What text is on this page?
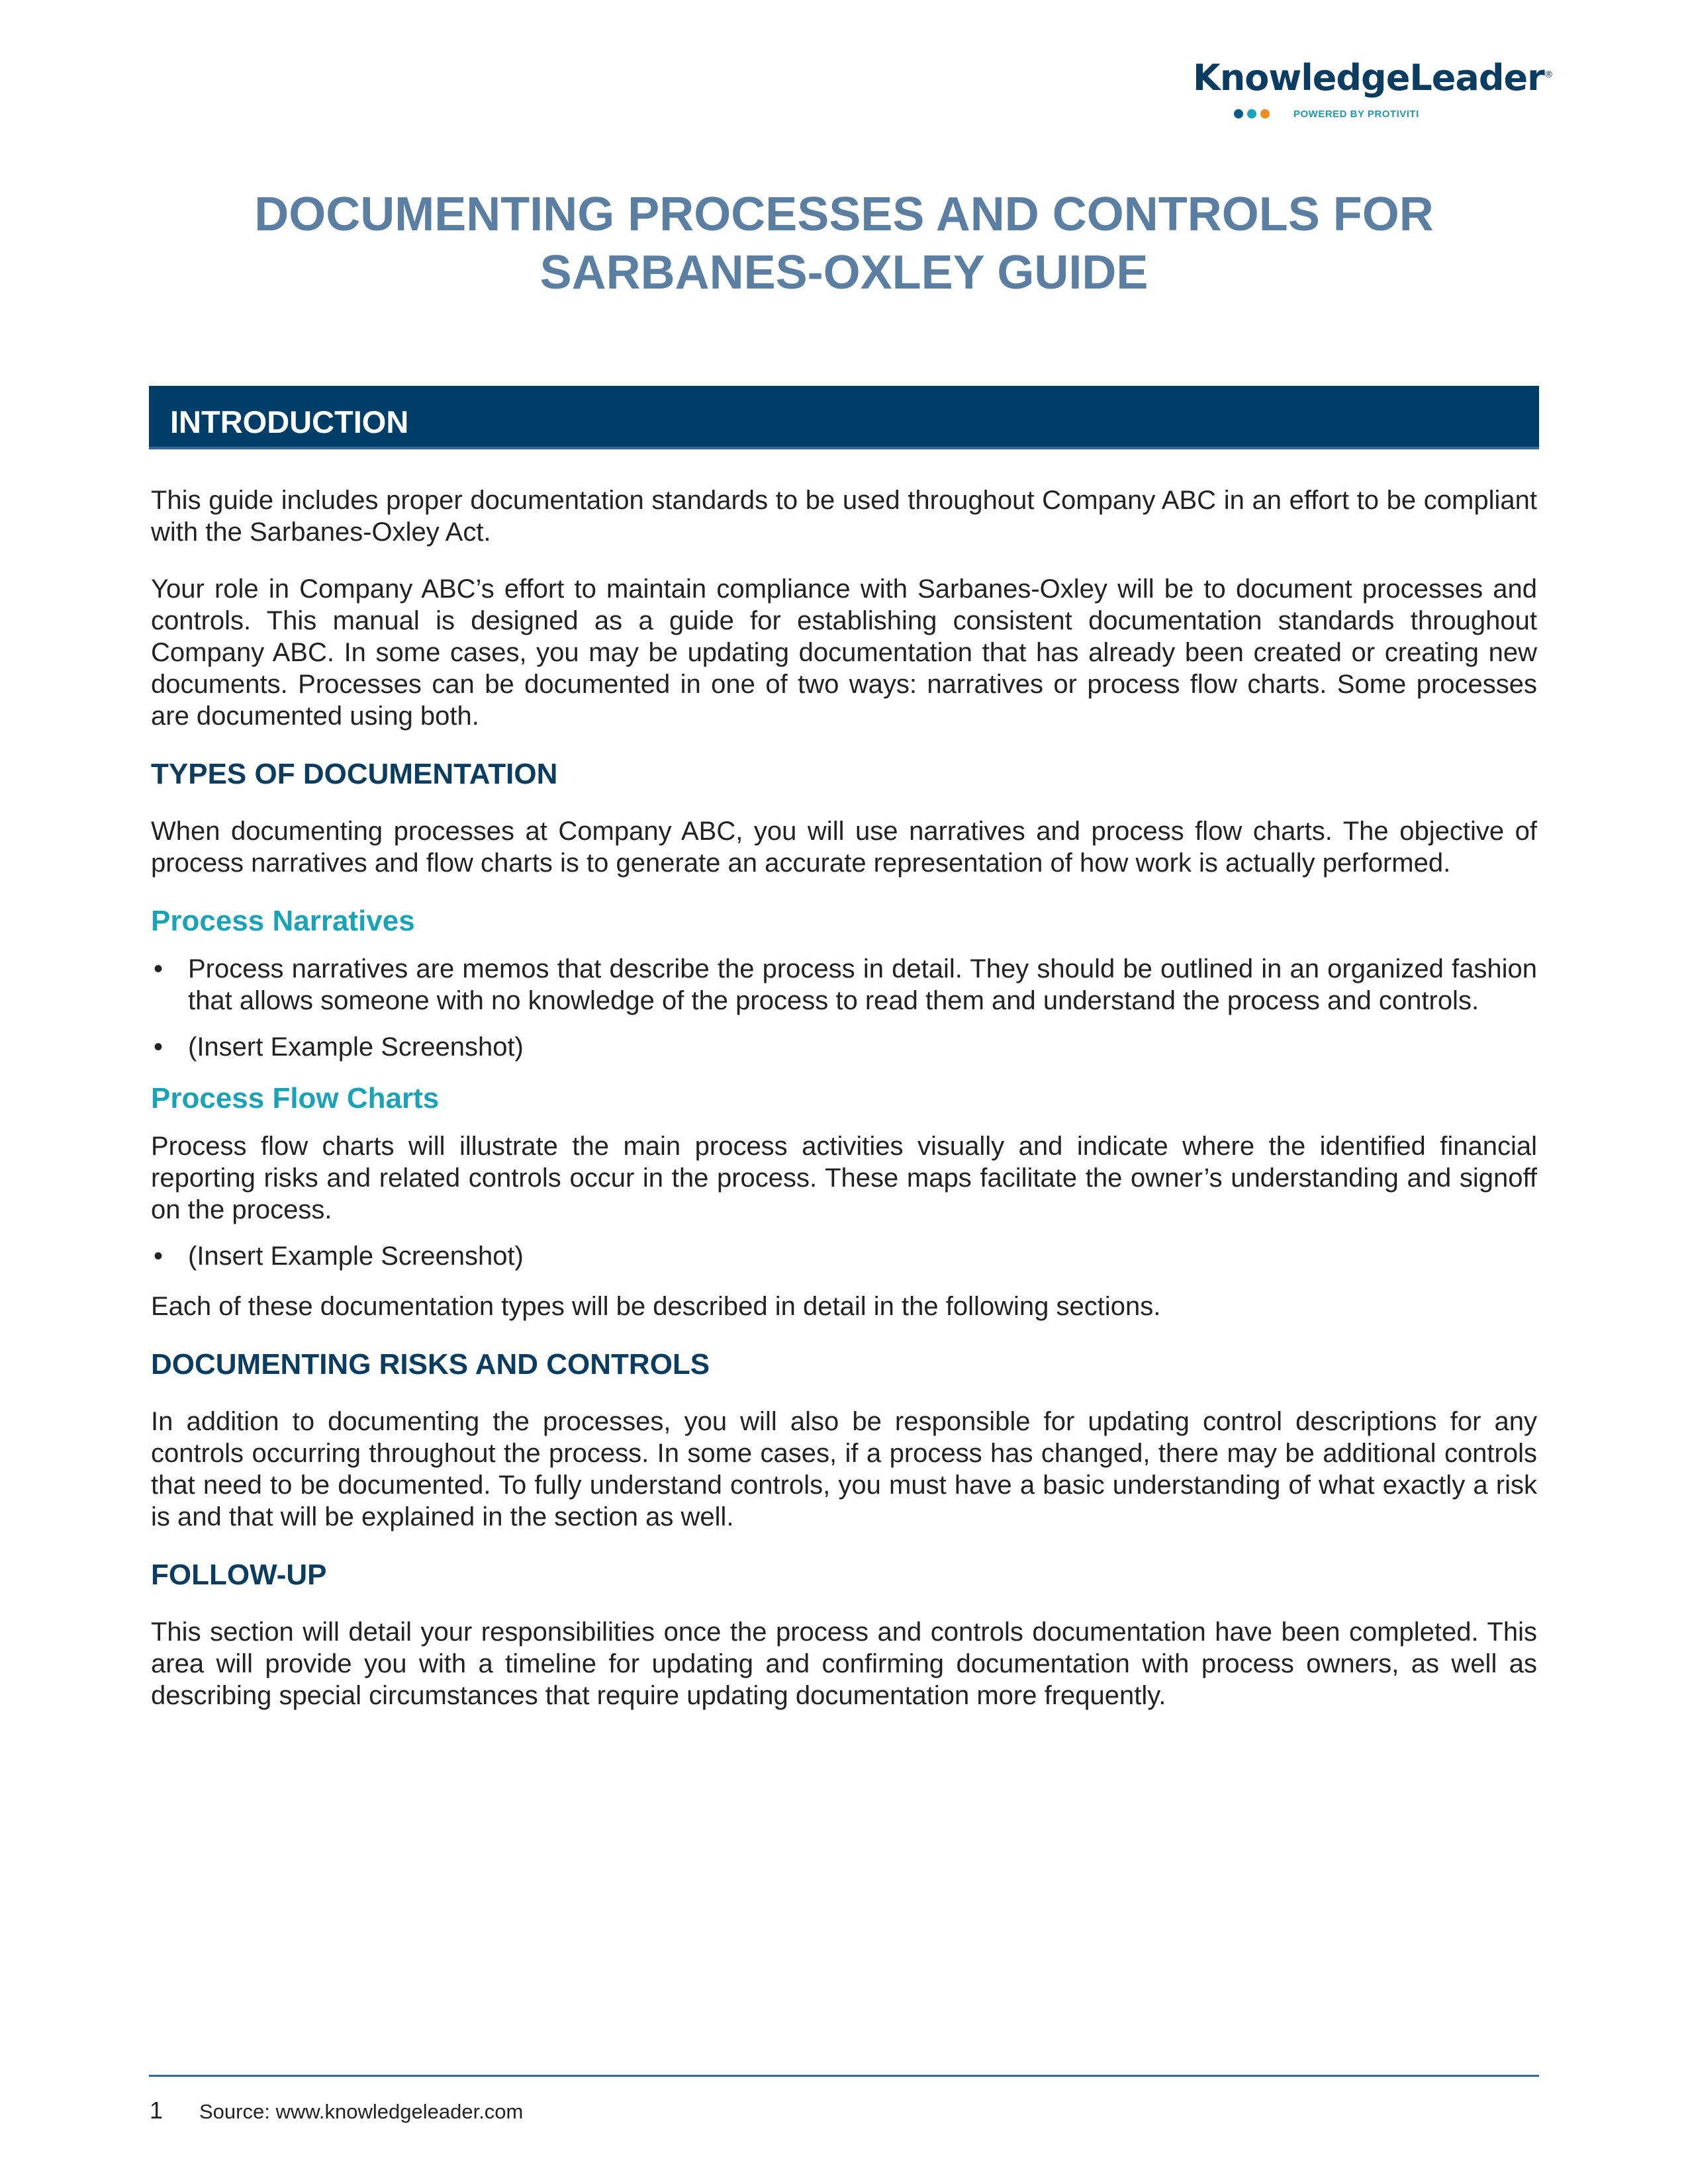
KnowledgeLeader®
POWERED BY PROTIVITI
DOCUMENTING PROCESSES AND CONTROLS FOR
SARBANES-OXLEY GUIDE
INTRODUCTION

This guide includes proper documentation standards to be used throughout Company ABC in an effort to be compliant with the Sarbanes-Oxley Act.

Your role in Company ABC’s effort to maintain compliance with Sarbanes-Oxley will be to document processes and controls. This manual is designed as a guide for establishing consistent documentation standards throughout Company ABC. In some cases, you may be updating documentation that has already been created or creating new documents. Processes can be documented in one of two ways: narratives or process flow charts. Some processes are documented using both.

TYPES OF DOCUMENTATION

When documenting processes at Company ABC, you will use narratives and process flow charts. The objective of process narratives and flow charts is to generate an accurate representation of how work is actually performed.

Process Narratives
• Process narratives are memos that describe the process in detail. They should be outlined in an organized fashion that allows someone with no knowledge of the process to read them and understand the process and controls.
• (Insert Example Screenshot)
Process Flow Charts

Process flow charts will illustrate the main process activities visually and indicate where the identified financial reporting risks and related controls occur in the process. These maps facilitate the owner’s understanding and signoff on the process.

• (Insert Example Screenshot)

Each of these documentation types will be described in detail in the following sections.

DOCUMENTING RISKS AND CONTROLS

In addition to documenting the processes, you will also be responsible for updating control descriptions for any controls occurring throughout the process. In some cases, if a process has changed, there may be additional controls that need to be documented. To fully understand controls, you must have a basic understanding of what exactly a risk is and that will be explained in the section as well.

FOLLOW-UP

This section will detail your responsibilities once the process and controls documentation have been completed. This area will provide you with a timeline for updating and confirming documentation with process owners, as well as describing special circumstances that require updating documentation more frequently.

1 Source: www.knowledgeleader.com
